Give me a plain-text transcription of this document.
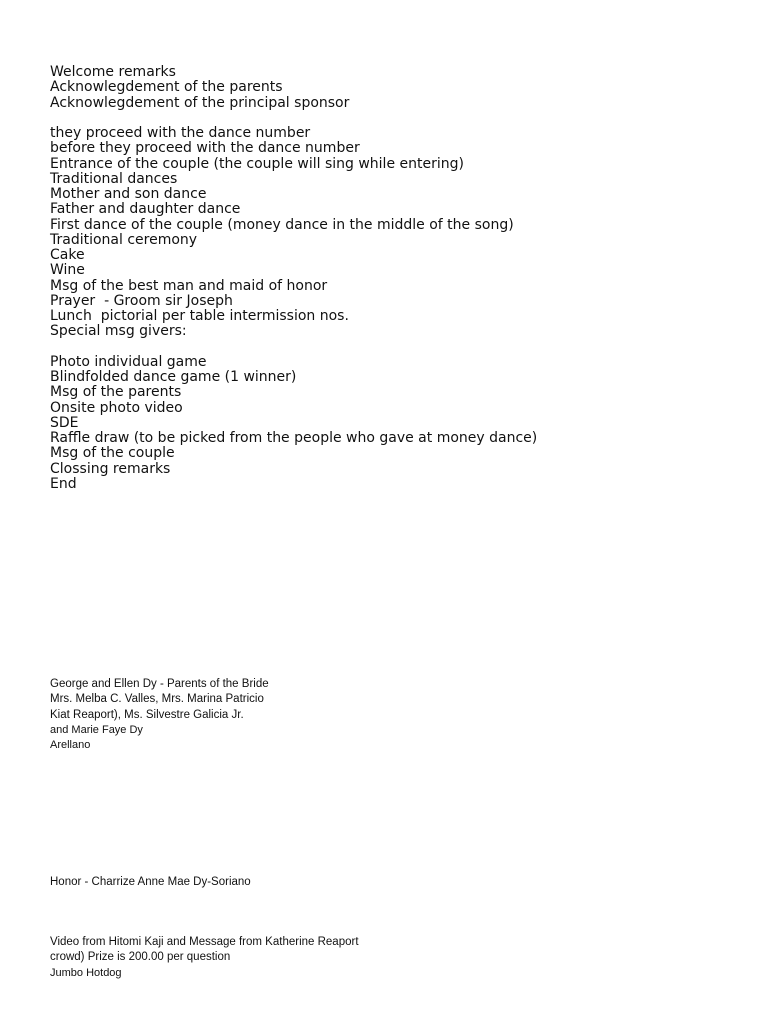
Welcome remarks
Acknowlegdement of the parents
Acknowlegdement of the principal sponsor
they proceed with the dance number
before they proceed with the dance number
Entrance of the couple (the couple will sing while entering)
Traditional dances
Mother and son dance
Father and daughter dance
First dance of the couple (money dance in the middle of the song)
Traditional ceremony
Cake
Wine
Msg of the best man and maid of honor
Prayer  - Groom sir Joseph
Lunch  pictorial per table intermission nos.
Special msg givers:
Photo individual game
Blindfolded dance game (1 winner)
Msg of the parents
Onsite photo video
SDE
Raffle draw (to be picked from the people who gave at money dance)
Msg of the couple
Clossing remarks
End
George and Ellen Dy - Parents of the Bride
Mrs. Melba C. Valles, Mrs. Marina Patricio
Kiat Reaport), Ms. Silvestre Galicia Jr.
and Marie Faye Dy
Arellano
Honor - Charrize Anne Mae Dy-Soriano
Video from Hitomi Kaji and Message from Katherine Reaport
crowd) Prize is 200.00 per question
Jumbo Hotdog
